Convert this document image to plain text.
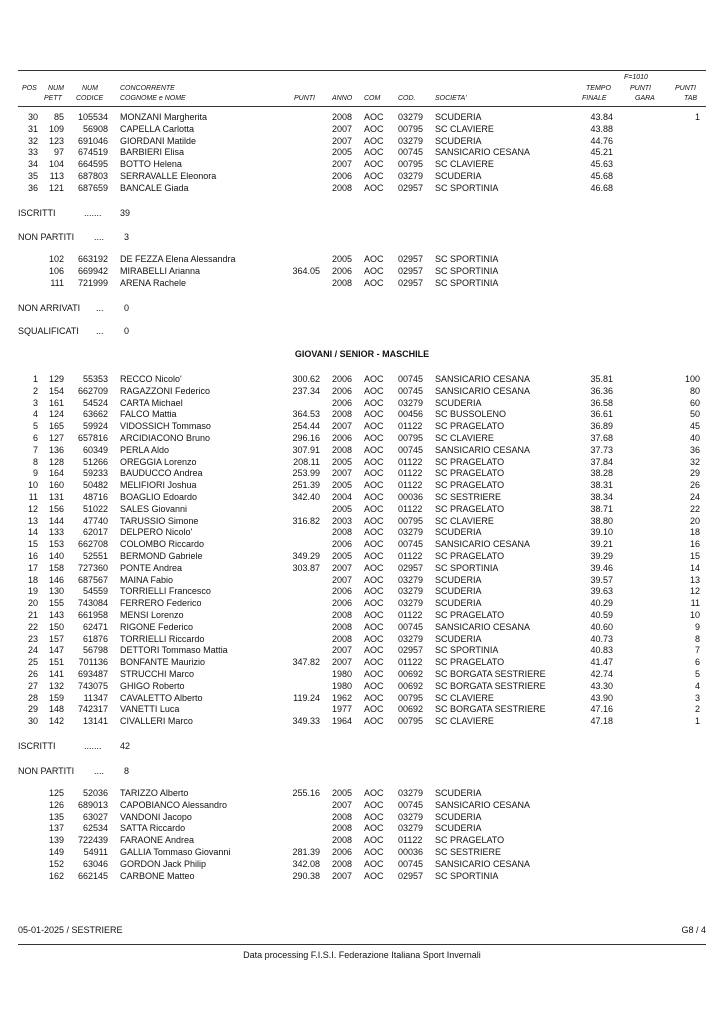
F=1010
POS NUM	NUM	CONCORRENTE	TEMPO	PUNTI	PUNTI
PETT CODICE COGNOME e NOME	PUNTI ANNO COM	COD.	SOCIETA'	FINALE	GARA	TAB
30 85 105534 MONZANI Margherita	2008 AOC 03279 SCUDERIA	43.84	1
31 109 56908 CAPELLA Carlotta	2007 AOC 00795 SC CLAVIERE	43.88
32 123 691046 GIORDANI Matilde	2007 AOC 03279 SCUDERIA	44.76
33 97 674519 BARBIERI Elisa	2005 AOC 00745 SANSICARIO CESANA	45.21
34 104 664595 BOTTO Helena	2007 AOC 00795 SC CLAVIERE	45.63
35 113 687803 SERRAVALLE Eleonora	2006 AOC 03279 SCUDERIA	45.68
36 121 687659 BANCALE Giada	2008 AOC 02957 SC SPORTINIA	46.68
ISCRITTI	....... 39
NON PARTITI .... 3
102 663192 DE FEZZA Elena Alessandra	2005 AOC 02957 SC SPORTINIA
106 669942 MIRABELLI Arianna	364.05 2006 AOC 02957 SC SPORTINIA
111 721999 ARENA Rachele	2008 AOC 02957 SC SPORTINIA
NON ARRIVATI ... 0
SQUALIFICATI ... 0
GIOVANI / SENIOR - MASCHILE
1 129 55353 RECCO Nicolo'	300.62 2006 AOC 00745 SANSICARIO CESANA	35.81	100
2 154 662709 RAGAZZONI Federico	237.34 2006 AOC 00745 SANSICARIO CESANA	36.36	80
3 161 54524 CARTA Michael	2006 AOC 03279 SCUDERIA	36.58	60
4 124 63662 FALCO Mattia	364.53 2008 AOC 00456 SC BUSSOLENO	36.61	50
5 165 59924 VIDOSSICH Tommaso	254.44 2007 AOC 01122 SC PRAGELATO	36.89	45
6 127 657816 ARCIDIACONO Bruno	296.16 2006 AOC 00795 SC CLAVIERE	37.68	40
7 136 60349 PERLA Aldo	307.91 2008 AOC 00745 SANSICARIO CESANA	37.73	36
8 128 51266 OREGGIA Lorenzo	208.11 2005 AOC 01122 SC PRAGELATO	37.84	32
9 164 59233 BAUDUCCO Andrea	253.99 2007 AOC 01122 SC PRAGELATO	38.28	29
10 160 50482 MELIFIORI Joshua	251.39 2005 AOC 01122 SC PRAGELATO	38.31	26
11 131 48716 BOAGLIO Edoardo	342.40 2004 AOC 00036 SC SESTRIERE	38.34	24
12 156 51022 SALES Giovanni	2005 AOC 01122 SC PRAGELATO	38.71	22
13 144 47740 TARUSSIO Simone	316.82 2003 AOC 00795 SC CLAVIERE	38.80	20
14 133 62017 DELPERO Nicolo'	2008 AOC 03279 SCUDERIA	39.10	18
15 153 662708 COLOMBO Riccardo	2006 AOC 00745 SANSICARIO CESANA	39.21	16
16 140 52551 BERMOND Gabriele	349.29 2005 AOC 01122 SC PRAGELATO	39.29	15
17 158 727360 PONTE Andrea	303.87 2007 AOC 02957 SC SPORTINIA	39.46	14
18 146 687567 MAINA Fabio	2007 AOC 03279 SCUDERIA	39.57	13
19 130 54559 TORRIELLI Francesco	2006 AOC 03279 SCUDERIA	39.63	12
20 155 743084 FERRERO Federico	2006 AOC 03279 SCUDERIA	40.29	11
21 143 661958 MENSI Lorenzo	2008 AOC 01122 SC PRAGELATO	40.59	10
22 150 62471 RIGONE Federico	2008 AOC 00745 SANSICARIO CESANA	40.60	9
23 157 61876 TORRIELLI Riccardo	2008 AOC 03279 SCUDERIA	40.73	8
24 147 56798 DETTORI Tommaso Mattia	2007 AOC 02957 SC SPORTINIA	40.83	7
25 151 701136 BONFANTE Maurizio	347.82 2007 AOC 01122 SC PRAGELATO	41.47	6
26 141 693487 STRUCCHI Marco	1980 AOC 00692 SC BORGATA SESTRIERE	42.74	5
27 132 743075 GHIGO Roberto	1980 AOC 00692 SC BORGATA SESTRIERE	43.30	4
28 159 11347 CAVALETTO Alberto	119.24 1962 AOC 00795 SC CLAVIERE	43.90	3
29 148 742317 VANETTI Luca	1977 AOC 00692 SC BORGATA SESTRIERE	47.16	2
30 142 13141 CIVALLERI Marco	349.33 1964 AOC 00795 SC CLAVIERE	47.18	1
ISCRITTI	....... 42
NON PARTITI .... 8
125 52036 TARIZZO Alberto	255.16 2005 AOC 03279 SCUDERIA
126 689013 CAPOBIANCO Alessandro	2007 AOC 00745 SANSICARIO CESANA
135 63027 VANDONI Jacopo	2008 AOC 03279 SCUDERIA
137 62534 SATTA Riccardo	2008 AOC 03279 SCUDERIA
139 722439 FARAONE Andrea	2008 AOC 01122 SC PRAGELATO
149 54911 GALLIA Tommaso Giovanni	281.39 2006 AOC 00036 SC SESTRIERE
152 63046 GORDON Jack Philip	342.08 2008 AOC 00745 SANSICARIO CESANA
162 662145 CARBONE Matteo	290.38 2007 AOC 02957 SC SPORTINIA
05-01-2025 / SESTRIERE	G8 / 4
Data processing F.I.S.I. Federazione Italiana Sport Invernali
